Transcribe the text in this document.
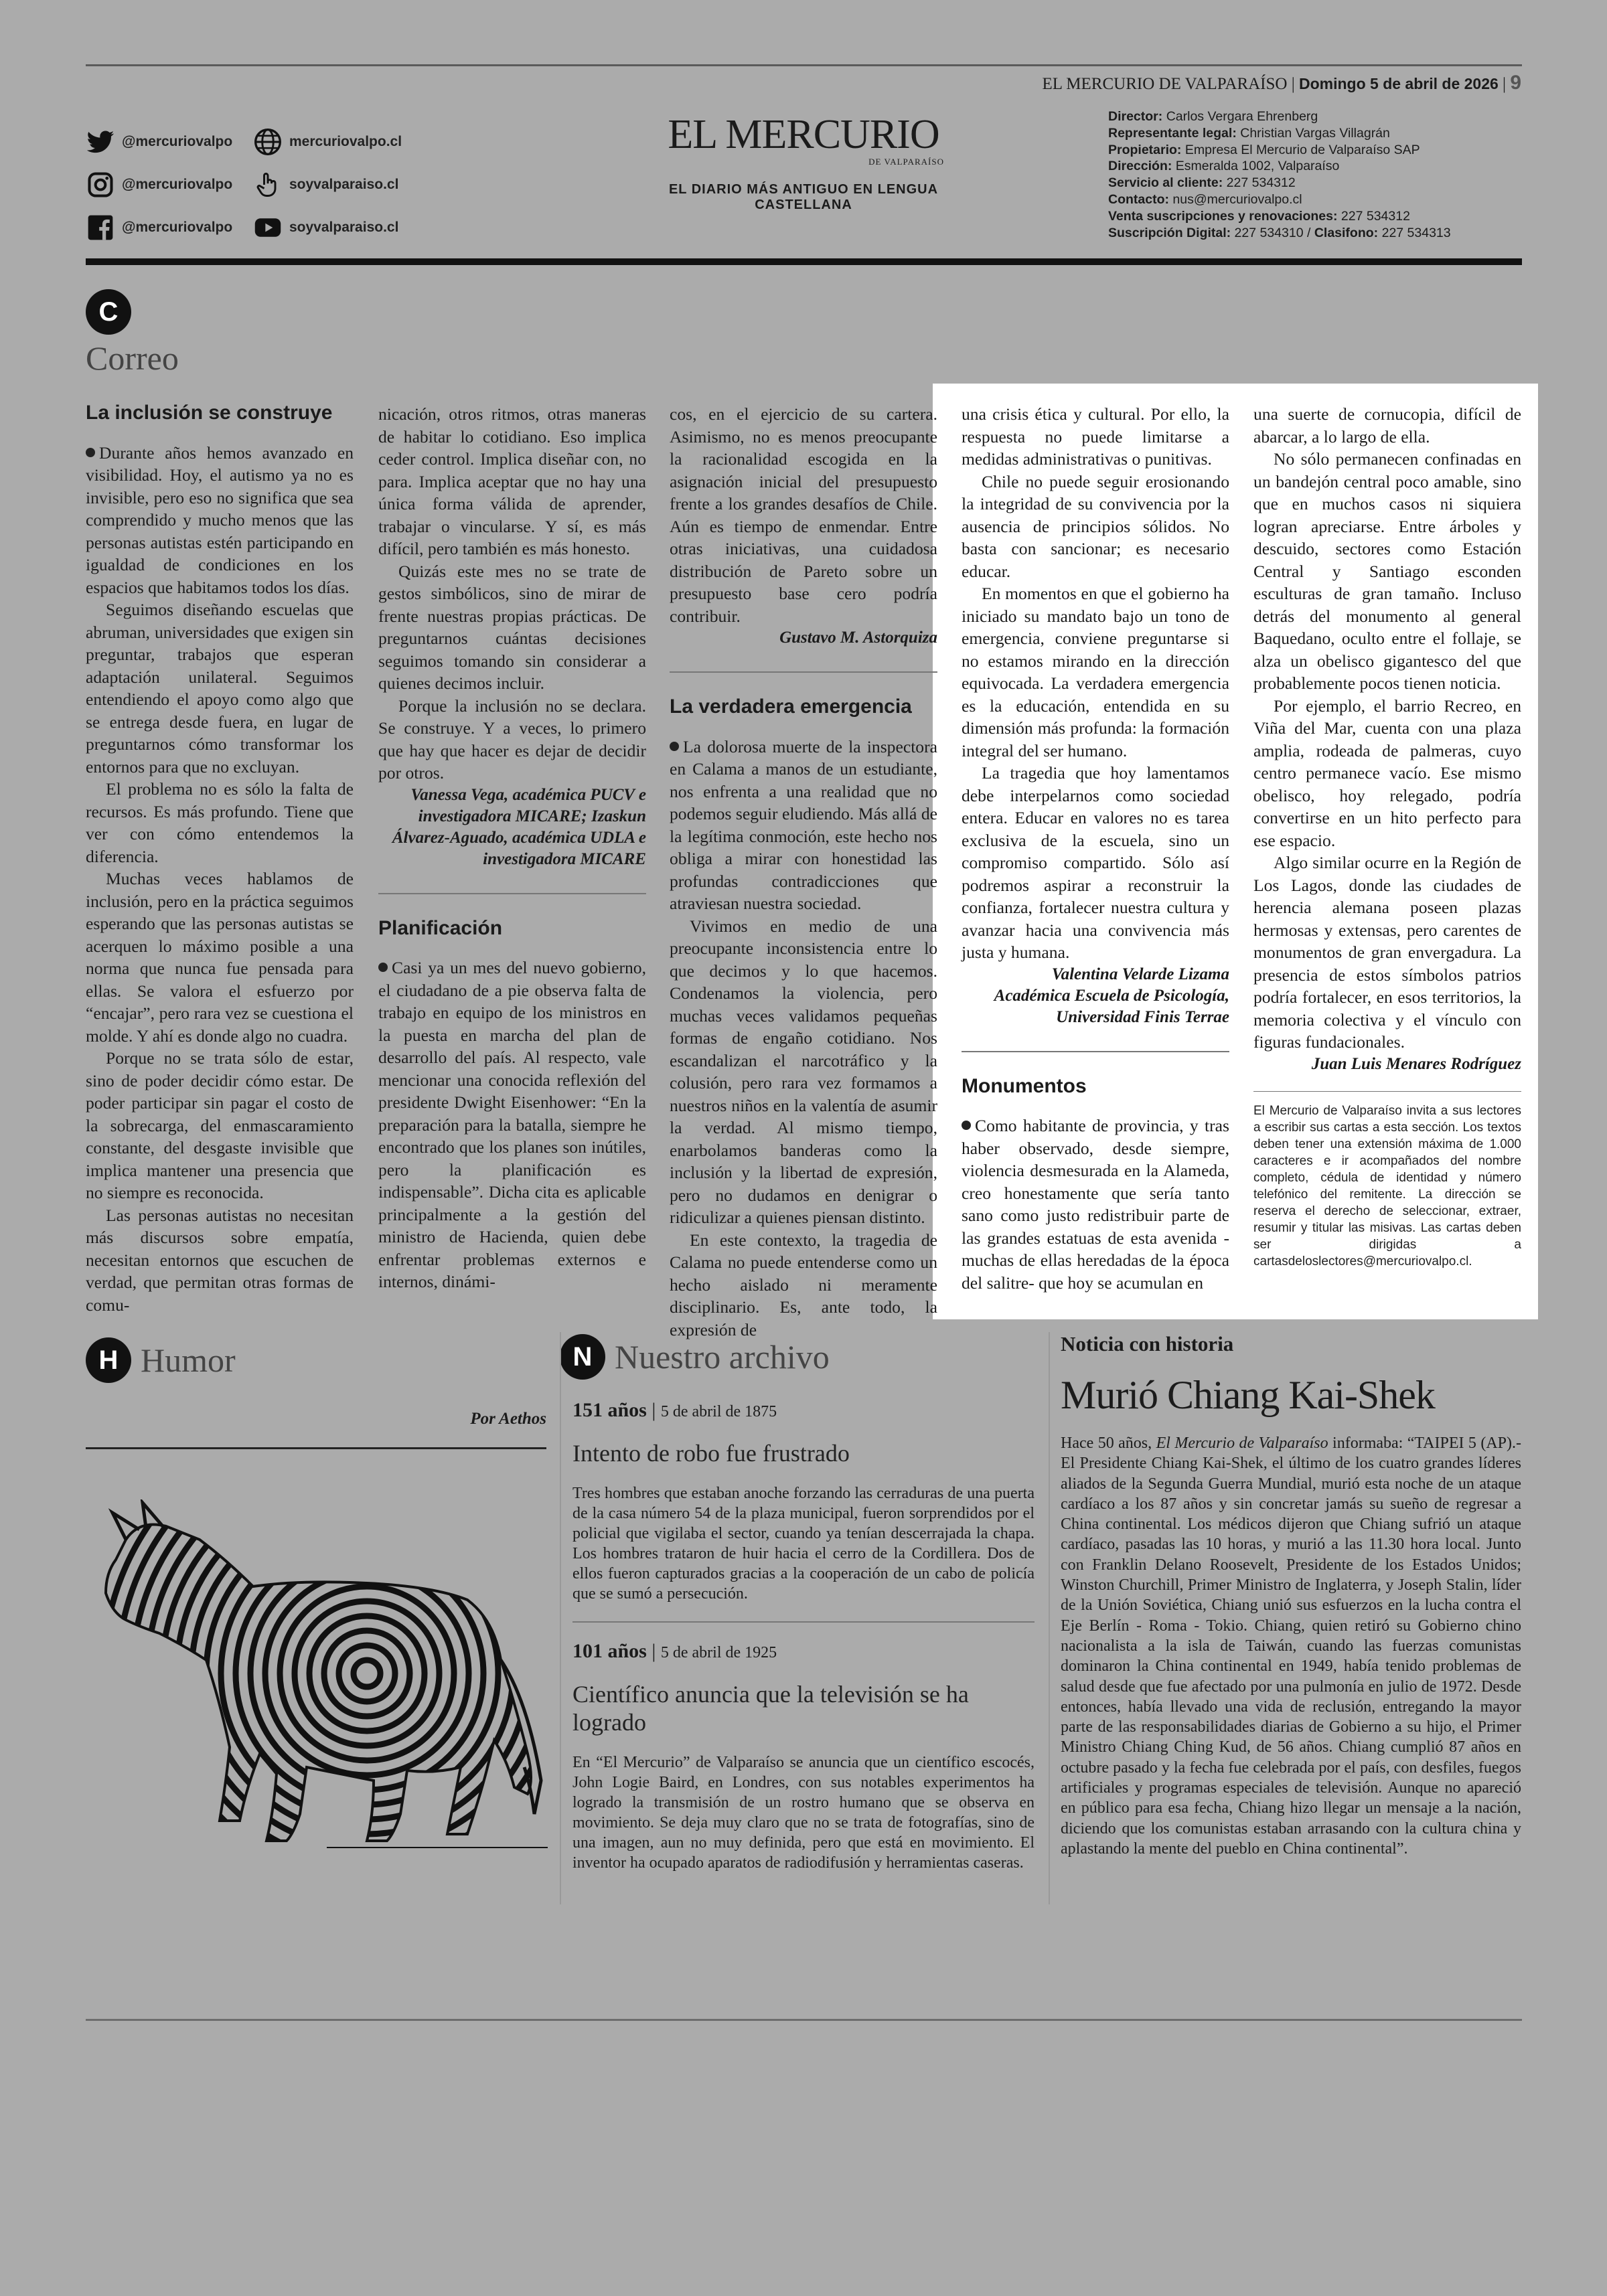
EL MERCURIO DE VALPARAÍSO | Domingo 5 de abril de 2026 | 9
@mercuriovalpo	mercuriovalpo.cl
@mercuriovalpo	soyvalparaiso.cl
@mercuriovalpo	soyvalparaiso.cl
EL MERCURIO
DE VALPARAÍSO
EL DIARIO MÁS ANTIGUO EN LENGUA CASTELLANA
Director: Carlos Vergara Ehrenberg
Representante legal: Christian Vargas Villagrán
Propietario: Empresa El Mercurio de Valparaíso SAP
Dirección: Esmeralda 1002, Valparaíso
Servicio al cliente: 227 534312
Contacto: nus@mercuriovalpo.cl
Venta suscripciones y renovaciones: 227 534312
Suscripción Digital: 227 534310 / Clasifono: 227 534313
C
Correo
La inclusión se construye

Durante años hemos avanzado en visibilidad. Hoy, el autismo ya no es invisible, pero eso no significa que sea comprendido y mucho menos que las personas autistas estén participando en igualdad de condiciones en los espacios que habitamos todos los días.

Seguimos diseñando escuelas que abruman, universidades que exigen sin preguntar, trabajos que esperan adaptación unilateral. Seguimos entendiendo el apoyo como algo que se entrega desde fuera, en lugar de preguntarnos cómo transformar los entornos para que no excluyan.

El problema no es sólo la falta de recursos. Es más profundo. Tiene que ver con cómo entendemos la diferencia.

Muchas veces hablamos de inclusión, pero en la práctica seguimos esperando que las personas autistas se acerquen lo máximo posible a una norma que nunca fue pensada para ellas. Se valora el esfuerzo por “encajar”, pero rara vez se cuestiona el molde. Y ahí es donde algo no cuadra.

Porque no se trata sólo de estar, sino de poder decidir cómo estar. De poder participar sin pagar el costo de la sobrecarga, del enmascaramiento constante, del desgaste invisible que implica mantener una presencia que no siempre es reconocida.

Las personas autistas no necesitan más discursos sobre empatía, necesitan entornos que escuchen de verdad, que permitan otras formas de comu-

nicación, otros ritmos, otras maneras de habitar lo cotidiano. Eso implica ceder control. Implica diseñar con, no para. Implica aceptar que no hay una única forma válida de aprender, trabajar o vincularse. Y sí, es más difícil, pero también es más honesto.

Quizás este mes no se trate de gestos simbólicos, sino de mirar de frente nuestras propias prácticas. De preguntarnos cuántas decisiones seguimos tomando sin considerar a quienes decimos incluir.

Porque la inclusión no se declara. Se construye. Y a veces, lo primero que hay que hacer es dejar de decidir por otros.

Vanessa Vega, académica PUCV e investigadora MICARE; Izaskun Álvarez-Aguado, académica UDLA e investigadora MICARE

Planificación

Casi ya un mes del nuevo gobierno, el ciudadano de a pie observa falta de trabajo en equipo de los ministros en la puesta en marcha del plan de desarrollo del país. Al respecto, vale mencionar una conocida reflexión del presidente Dwight Eisenhower: “En la preparación para la batalla, siempre he encontrado que los planes son inútiles, pero la planificación es indispensable”. Dicha cita es aplicable principalmente a la gestión del ministro de Hacienda, quien debe enfrentar problemas externos e internos, dinámi-

cos, en el ejercicio de su cartera. Asimismo, no es menos preocupante la racionalidad escogida en la asignación inicial del presupuesto frente a los grandes desafíos de Chile. Aún es tiempo de enmendar. Entre otras iniciativas, una cuidadosa distribución de Pareto sobre un presupuesto base cero podría contribuir.

Gustavo M. Astorquiza

La verdadera emergencia

La dolorosa muerte de la inspectora en Calama a manos de un estudiante, nos enfrenta a una realidad que no podemos seguir eludiendo. Más allá de la legítima conmoción, este hecho nos obliga a mirar con honestidad las profundas contradicciones que atraviesan nuestra sociedad.

Vivimos en medio de una preocupante inconsistencia entre lo que decimos y lo que hacemos. Condenamos la violencia, pero muchas veces validamos pequeñas formas de engaño cotidiano. Nos escandalizan el narcotráfico y la colusión, pero rara vez formamos a nuestros niños en la valentía de asumir la verdad. Al mismo tiempo, enarbolamos banderas como la inclusión y la libertad de expresión, pero no dudamos en denigrar o ridiculizar a quienes piensan distinto.

En este contexto, la tragedia de Calama no puede entenderse como un hecho aislado ni meramente disciplinario. Es, ante todo, la expresión de

una crisis ética y cultural. Por ello, la respuesta no puede limitarse a medidas administrativas o punitivas.

Chile no puede seguir erosionando la integridad de su convivencia por la ausencia de principios sólidos. No basta con sancionar; es necesario educar.

En momentos en que el gobierno ha iniciado su mandato bajo un tono de emergencia, conviene preguntarse si no estamos mirando en la dirección equivocada. La verdadera emergencia es la educación, entendida en su dimensión más profunda: la formación integral del ser humano.

La tragedia que hoy lamentamos debe interpelarnos como sociedad entera. Educar en valores no es tarea exclusiva de la escuela, sino un compromiso compartido. Sólo así podremos aspirar a reconstruir la confianza, fortalecer nuestra cultura y avanzar hacia una convivencia más justa y humana.

Valentina Velarde Lizama Académica Escuela de Psicología, Universidad Finis Terrae

Monumentos

Como habitante de provincia, y tras haber observado, desde siempre, violencia desmesurada en la Alameda, creo honestamente que sería tanto sano como justo redistribuir parte de las grandes estatuas de esta avenida -muchas de ellas heredadas de la época del salitre- que hoy se acumulan en

una suerte de cornucopia, difícil de abarcar, a lo largo de ella.

No sólo permanecen confinadas en un bandejón central poco amable, sino que en muchos casos ni siquiera logran apreciarse. Entre árboles y descuido, sectores como Estación Central y Santiago esconden esculturas de gran tamaño. Incluso detrás del monumento al general Baquedano, oculto entre el follaje, se alza un obelisco gigantesco del que probablemente pocos tienen noticia.

Por ejemplo, el barrio Recreo, en Viña del Mar, cuenta con una plaza amplia, rodeada de palmeras, cuyo centro permanece vacío. Ese mismo obelisco, hoy relegado, podría convertirse en un hito perfecto para ese espacio.

Algo similar ocurre en la Región de Los Lagos, donde las ciudades de herencia alemana poseen plazas hermosas y extensas, pero carentes de monumentos de gran envergadura. La presencia de estos símbolos patrios podría fortalecer, en esos territorios, la memoria colectiva y el vínculo con figuras fundacionales.

Juan Luis Menares Rodríguez

El Mercurio de Valparaíso invita a sus lectores a escribir sus cartas a esta sección. Los textos deben tener una extensión máxima de 1.000 caracteres e ir acompañados del nombre completo, cédula de identidad y número telefónico del remitente. La dirección se reserva el derecho de seleccionar, extraer, resumir y titular las misivas. Las cartas deben ser dirigidas a cartasdeloslectores@mercuriovalpo.cl.
H Humor
Por Aethos
N Nuestro archivo
151 años | 5 de abril de 1875
Intento de robo fue frustrado
Tres hombres que estaban anoche forzando las cerraduras de una puerta de la casa número 54 de la plaza municipal, fueron sorprendidos por el policial que vigilaba el sector, cuando ya tenían descerrajada la chapa. Los hombres trataron de huir hacia el cerro de la Cordillera. Dos de ellos fueron capturados gracias a la cooperación de un cabo de policía que se sumó a persecución.
101 años | 5 de abril de 1925
Científico anuncia que la televisión se ha logrado
En “El Mercurio” de Valparaíso se anuncia que un científico escocés, John Logie Baird, en Londres, con sus notables experimentos ha logrado la transmisión de un rostro humano que se observa en movimiento. Se deja muy claro que no se trata de fotografías, sino de una imagen, aun no muy definida, pero que está en movimiento. El inventor ha ocupado aparatos de radiodifusión y herramientas caseras.
Noticia con historia
Murió Chiang Kai-Shek
Hace 50 años, El Mercurio de Valparaíso informaba: “TAIPEI 5 (AP).- El Presidente Chiang Kai-Shek, el último de los cuatro grandes líderes aliados de la Segunda Guerra Mundial, murió esta noche de un ataque cardíaco a los 87 años y sin concretar jamás su sueño de regresar a China continental. Los médicos dijeron que Chiang sufrió un ataque cardíaco, pasadas las 10 horas, y murió a las 11.30 hora local. Junto con Franklin Delano Roosevelt, Presidente de los Estados Unidos; Winston Churchill, Primer Ministro de Inglaterra, y Joseph Stalin, líder de la Unión Soviética, Chiang unió sus esfuerzos en la lucha contra el Eje Berlín - Roma - Tokio. Chiang, quien retiró su Gobierno chino nacionalista a la isla de Taiwán, cuando las fuerzas comunistas dominaron la China continental en 1949, había tenido problemas de salud desde que fue afectado por una pulmonía en julio de 1972. Desde entonces, había llevado una vida de reclusión, entregando la mayor parte de las responsabilidades diarias de Gobierno a su hijo, el Primer Ministro Chiang Ching Kud, de 56 años. Chiang cumplió 87 años en octubre pasado y la fecha fue celebrada por el país, con desfiles, fuegos artificiales y programas especiales de televisión. Aunque no apareció en público para esa fecha, Chiang hizo llegar un mensaje a la nación, diciendo que los comunistas estaban arrasando con la cultura china y aplastando la mente del pueblo en China continental”.
